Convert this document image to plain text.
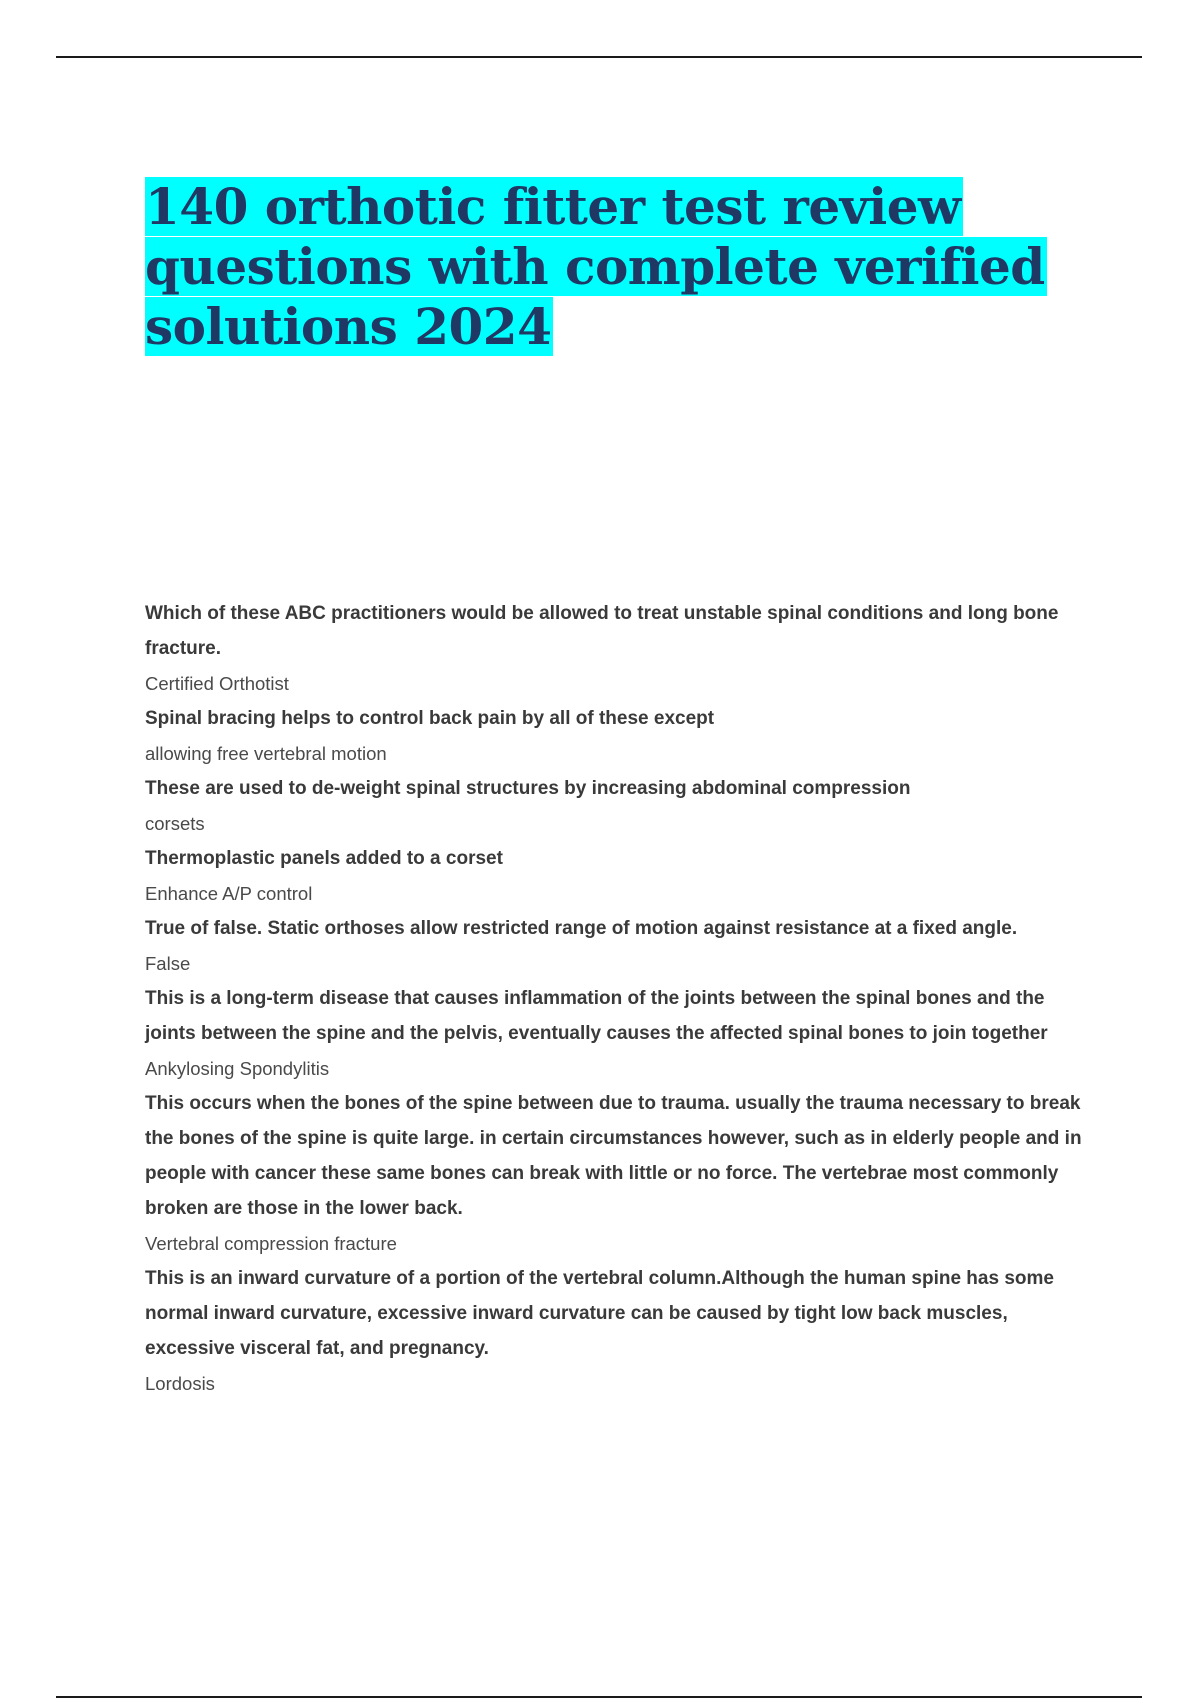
140 orthotic fitter test review questions with complete verified solutions 2024

Which of these ABC practitioners would be allowed to treat unstable spinal conditions and long bone fracture.

Certified Orthotist

Spinal bracing helps to control back pain by all of these except

allowing free vertebral motion

These are used to de-weight spinal structures by increasing abdominal compression

corsets

Thermoplastic panels added to a corset

Enhance A/P control

True of false. Static orthoses allow restricted range of motion against resistance at a fixed angle.

False

This is a long-term disease that causes inflammation of the joints between the spinal bones and the joints between the spine and the pelvis, eventually causes the affected spinal bones to join together

Ankylosing Spondylitis

This occurs when the bones of the spine between due to trauma. usually the trauma necessary to break the bones of the spine is quite large. in certain circumstances however, such as in elderly people and in people with cancer these same bones can break with little or no force. The vertebrae most commonly broken are those in the lower back.

Vertebral compression fracture

This is an inward curvature of a portion of the vertebral column.Although the human spine has some normal inward curvature, excessive inward curvature can be caused by tight low back muscles, excessive visceral fat, and pregnancy.

Lordosis
